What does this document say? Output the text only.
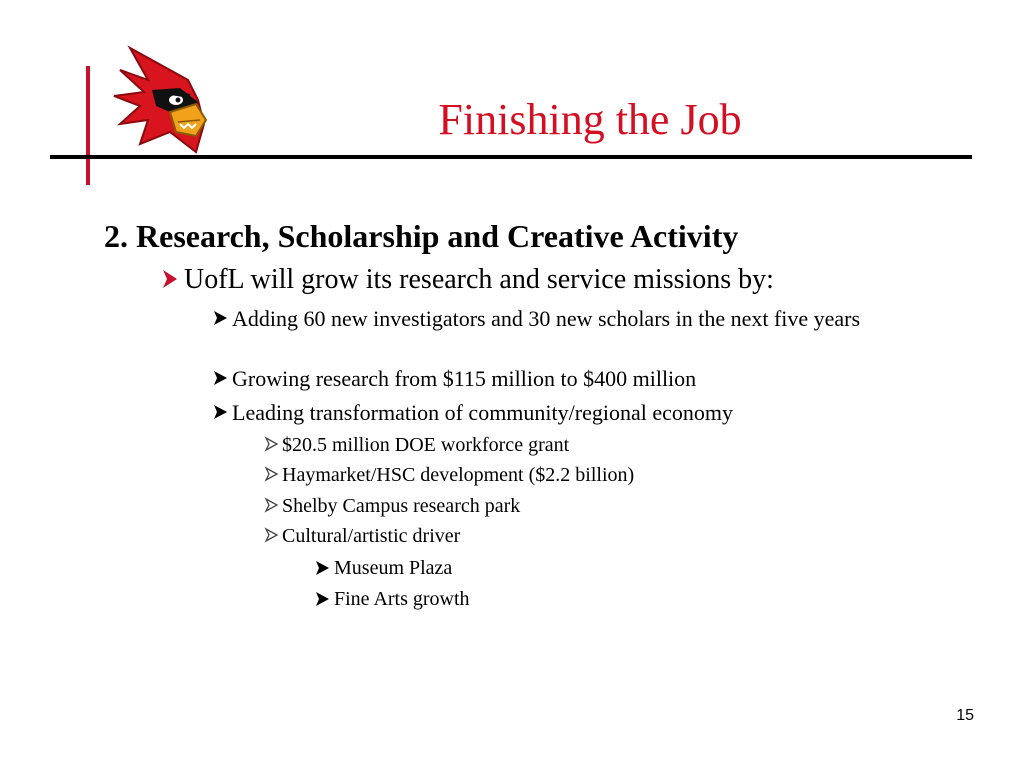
Finishing the Job
2. Research, Scholarship and Creative Activity
UofL will grow its research and service missions by:
Adding 60 new investigators and 30 new scholars in the next five years
Growing research from $115 million to $400 million
Leading transformation of community/regional economy
$20.5 million DOE workforce grant
Haymarket/HSC development ($2.2 billion)
Shelby Campus research park
Cultural/artistic driver
Museum Plaza
Fine Arts growth
15
